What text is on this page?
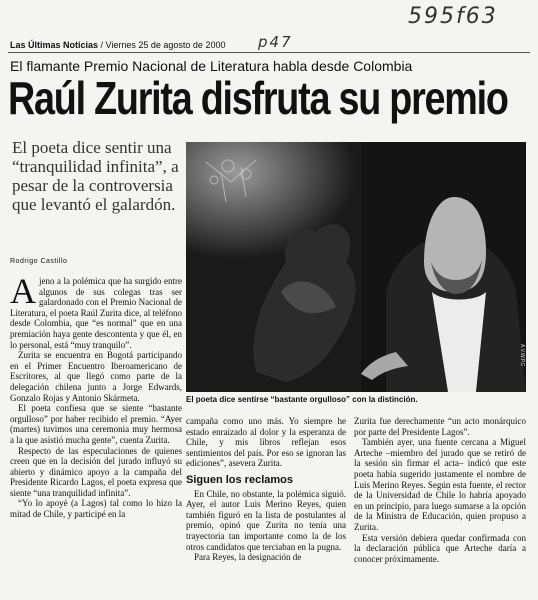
595f63
p47
Las Últimas Noticias / Viernes 25 de agosto de 2000
El flamante Premio Nacional de Literatura habla desde Colombia
Raúl Zurita disfruta su premio
El poeta dice sentir una “tranquilidad infinita”, a pesar de la controversia que levantó el galardón.
Rodrigo Castillo
A.V.W.P.C
El poeta dice sentirse “bastante orgulloso” con la distinción.

Ajeno a la polémica que ha surgido entre algunos de sus colegas tras ser galardonado con el Premio Nacional de Literatura, el poeta Raúl Zurita dice, al teléfono desde Colombia, que “es normal” que en una premiación haya gente descontenta y que él, en lo personal, está “muy tranquilo”.

Zurita se encuentra en Bogotá participando en el Primer Encuentro Iberoamericano de Escritores, al que llegó como parte de la delegación chilena junto a Jorge Edwards, Gonzalo Rojas y Antonio Skármeta.

El poeta confiesa que se siente “bastante orgulloso” por haber recibido el premio. “Ayer (martes) tuvimos una ceremonia muy hermosa a la que asistió mucha gente”, cuenta Zurita.

Respecto de las especulaciones de quienes creen que en la decisión del jurado influyó su abierto y dinámico apoyo a la campaña del Presidente Ricardo Lagos, el poeta expresa que siente “una tranquilidad infinita”.

“Yo lo apoyé (a Lagos) tal como lo hizo la mitad de Chile, y participé en la

campaña como uno más. Yo siempre he estado enraizado al dolor y la esperanza de Chile, y mis libros reflejan esos sentimientos del país. Por eso se ignoran las ediciones”, asevera Zurita.

Siguen los reclamos

En Chile, no obstante, la polémica siguió. Ayer, el autor Luis Merino Reyes, quien también figuró en la lista de postulantes al premio, opinó que Zurita no tenía una trayectoria tan importante como la de los otros candidatos que terciaban en la pugna.

Para Reyes, la designación de

Zurita fue derechamente “un acto monárquico por parte del Presidente Lagos”.

También ayer, una fuente cercana a Miguel Arteche –miembro del jurado que se retiró de la sesión sin firmar el acta– indicó que este poeta había sugerido justamente el nombre de Luis Merino Reyes. Según esta fuente, el rector de la Universidad de Chile lo habría apoyado en un principio, para luego sumarse a la opción de la Ministra de Educación, quien propuso a Zurita.

Esta versión debiera quedar confirmada con la declaración pública que Arteche daría a conocer próximamente.
